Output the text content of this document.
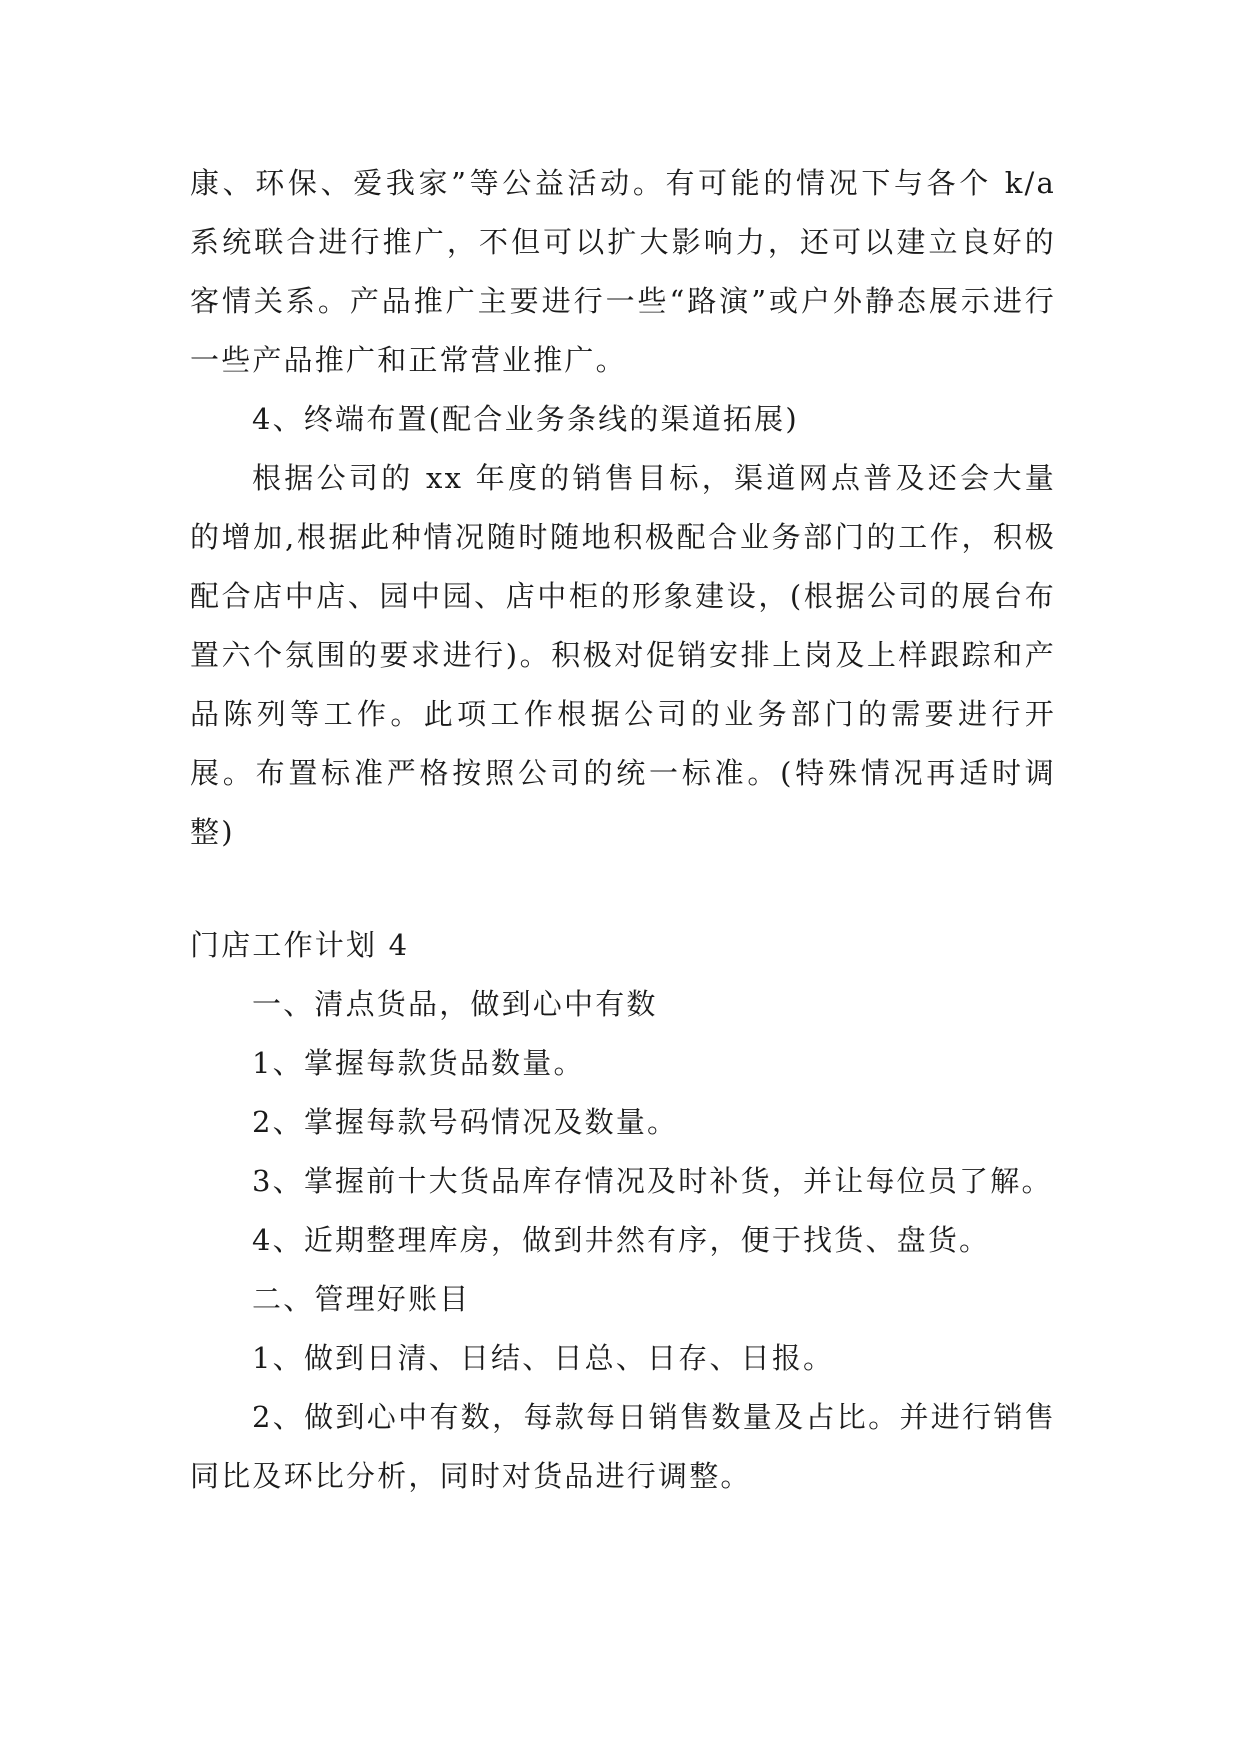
康、环保、爱我家”等公益活动。有可能的情况下与各个 k/a 系统联合进行推广，不但可以扩大影响力，还可以建立良好的客情关系。产品推广主要进行一些“路演”或户外静态展示进行一些产品推广和正常营业推广。

4、终端布置(配合业务条线的渠道拓展)

根据公司的 xx 年度的销售目标，渠道网点普及还会大量的增加,根据此种情况随时随地积极配合业务部门的工作，积极配合店中店、园中园、店中柜的形象建设，(根据公司的展台布置六个氛围的要求进行)。积极对促销安排上岗及上样跟踪和产品陈列等工作。此项工作根据公司的业务部门的需要进行开展。布置标准严格按照公司的统一标准。(特殊情况再适时调整)

门店工作计划 4

一、清点货品，做到心中有数

1、掌握每款货品数量。

2、掌握每款号码情况及数量。

3、掌握前十大货品库存情况及时补货，并让每位员了解。

4、近期整理库房，做到井然有序，便于找货、盘货。

二、管理好账目

1、做到日清、日结、日总、日存、日报。

2、做到心中有数，每款每日销售数量及占比。并进行销售同比及环比分析，同时对货品进行调整。
